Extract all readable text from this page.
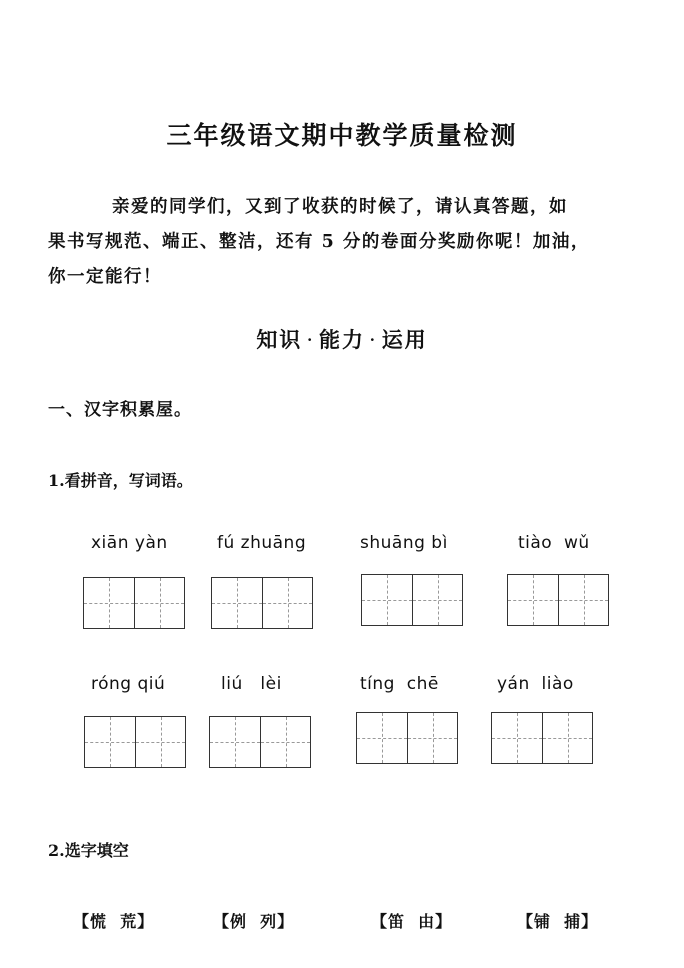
三年级语文期中教学质量检测
亲爱的同学们，又到了收获的时候了，请认真答题，如
果书写规范、端正、整洁，还有 5 分的卷面分奖励你呢！加油，
你一定能行！
知识 · 能力 · 运用
一、汉字积累屋。
1.看拼音，写词语。
xiān yàn	fú zhuāng	shuāng bì	tiào  wǔ
róng qiú	liú   lèi	tíng  chē	yán  liào
2.选字填空
【慌  荒】	【例  列】	【笛  由】	【铺  捕】
